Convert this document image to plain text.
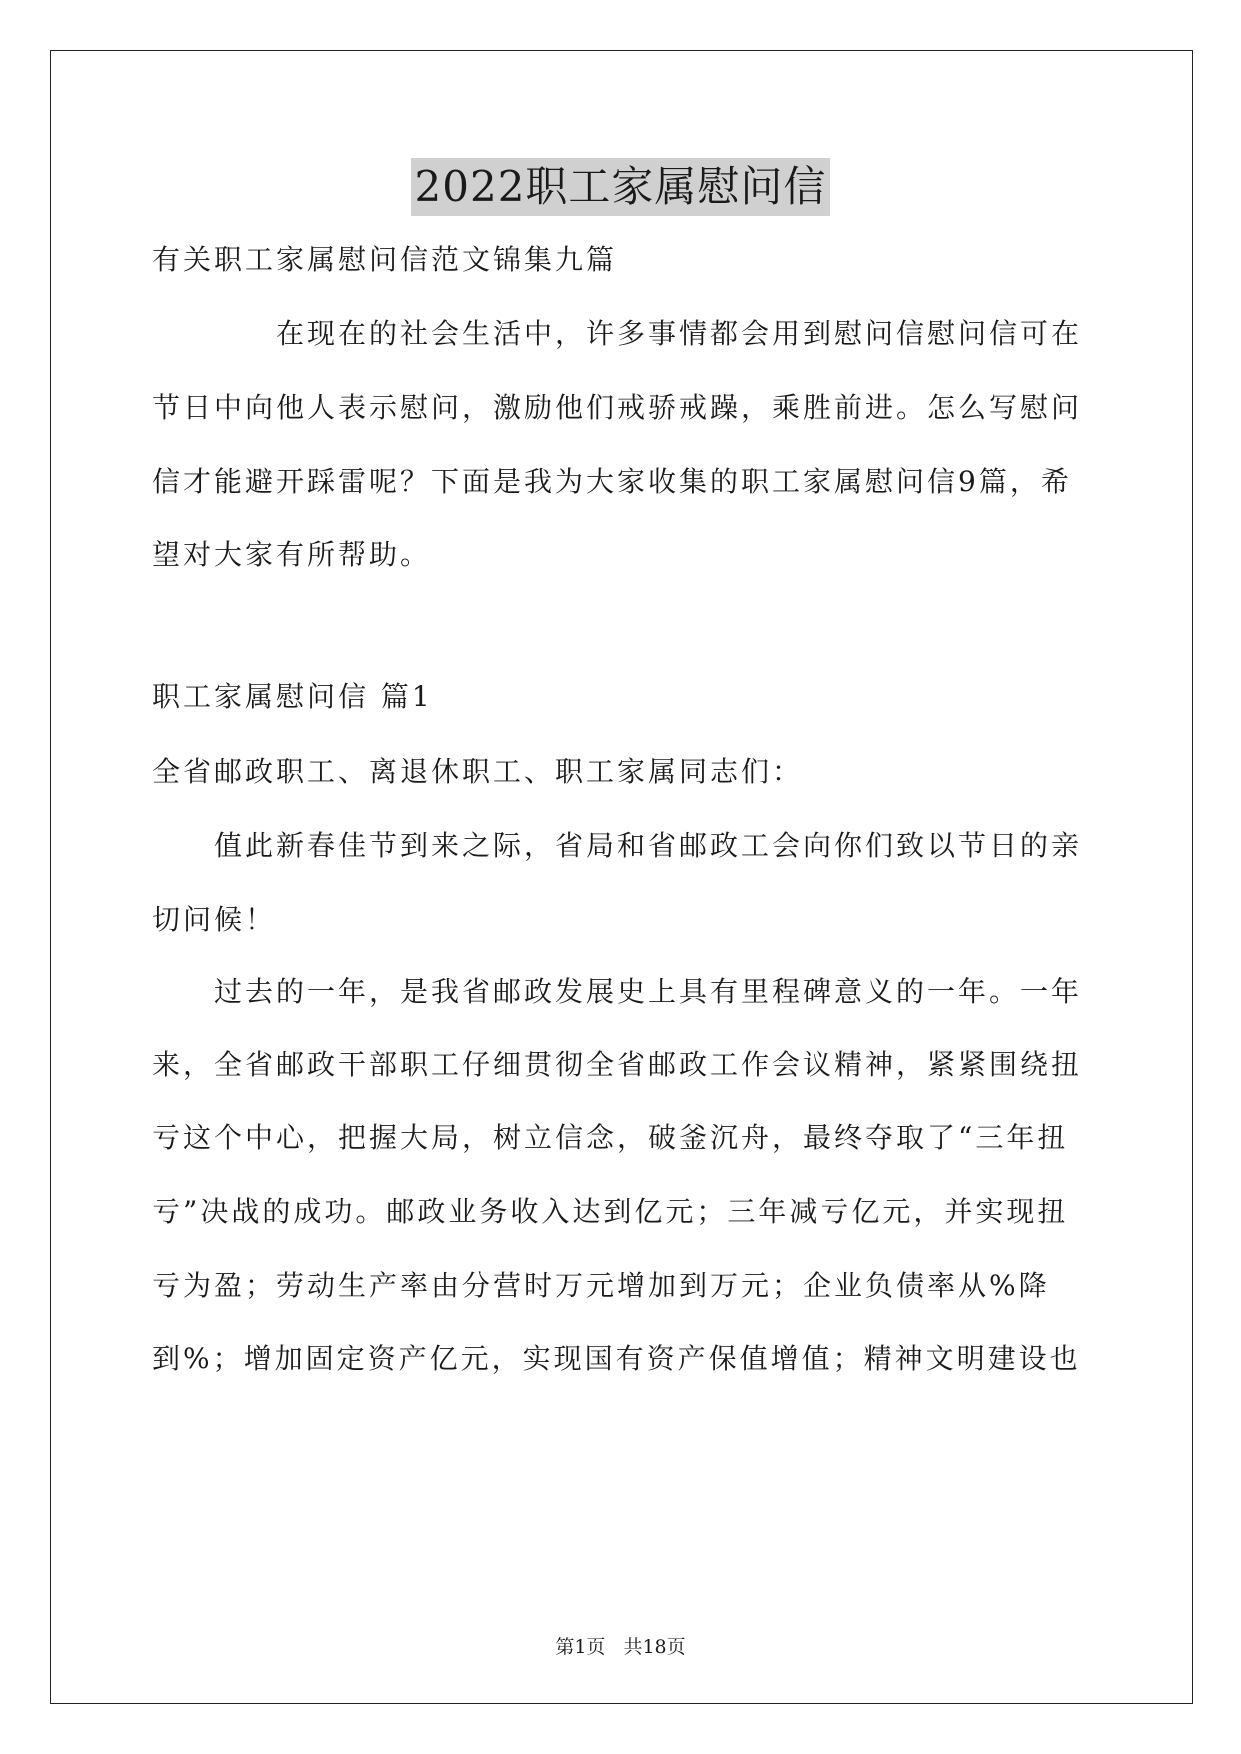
2022职工家属慰问信
有关职工家属慰问信范文锦集九篇
　　　　在现在的社会生活中，许多事情都会用到慰问信慰问信可在
节日中向他人表示慰问，激励他们戒骄戒躁，乘胜前进。怎么写慰问
信才能避开踩雷呢？下面是我为大家收集的职工家属慰问信9篇，希
望对大家有所帮助。
职工家属慰问信 篇1
全省邮政职工、离退休职工、职工家属同志们：
　　值此新春佳节到来之际，省局和省邮政工会向你们致以节日的亲
切问候！
　　过去的一年，是我省邮政发展史上具有里程碑意义的一年。一年
来，全省邮政干部职工仔细贯彻全省邮政工作会议精神，紧紧围绕扭
亏这个中心，把握大局，树立信念，破釜沉舟，最终夺取了“三年扭
亏”决战的成功。邮政业务收入达到亿元；三年减亏亿元，并实现扭
亏为盈；劳动生产率由分营时万元增加到万元；企业负债率从%降
到%；增加固定资产亿元，实现国有资产保值增值；精神文明建设也
第1页 共18页
